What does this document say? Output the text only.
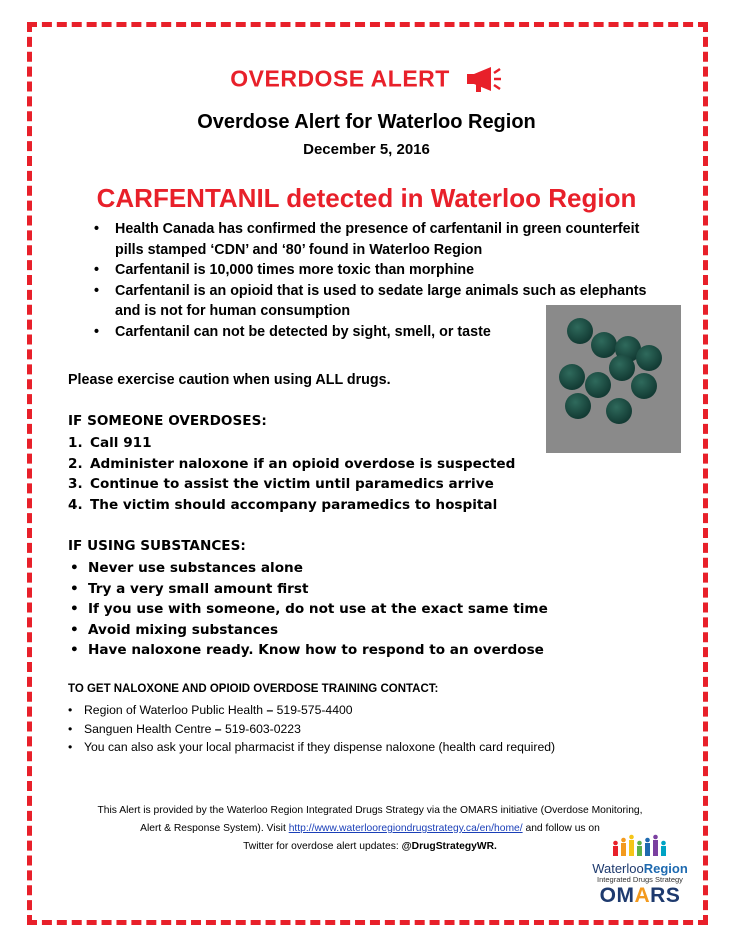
OVERDOSE ALERT
Overdose Alert for Waterloo Region
December 5, 2016
CARFENTANIL detected in Waterloo Region
• Health Canada has confirmed the presence of carfentanil in green counterfeit pills stamped ‘CDN’ and ‘80’ found in Waterloo Region
• Carfentanil is 10,000 times more toxic than morphine
• Carfentanil is an opioid that is used to sedate large animals such as elephants and is not for human consumption
• Carfentanil can not be detected by sight, smell, or taste
Please exercise caution when using ALL drugs.
IF SOMEONE OVERDOSES:
1. Call 911
2. Administer naloxone if an opioid overdose is suspected
3. Continue to assist the victim until paramedics arrive
4. The victim should accompany paramedics to hospital
IF USING SUBSTANCES:
• Never use substances alone
• Try a very small amount first
• If you use with someone, do not use at the exact same time
• Avoid mixing substances
• Have naloxone ready. Know how to respond to an overdose
TO GET NALOXONE AND OPIOID OVERDOSE TRAINING CONTACT:
• Region of Waterloo Public Health – 519-575-4400
• Sanguen Health Centre – 519-603-0223
• You can also ask your local pharmacist if they dispense naloxone (health card required)
This Alert is provided by the Waterloo Region Integrated Drugs Strategy via the OMARS initiative (Overdose Monitoring,
Alert & Response System). Visit http://www.waterlooregiondrugstrategy.ca/en/home/ and follow us on
Twitter for overdose alert updates: @DrugStrategyWR.
WaterlooRegion
Integrated Drugs Strategy
OMARS
